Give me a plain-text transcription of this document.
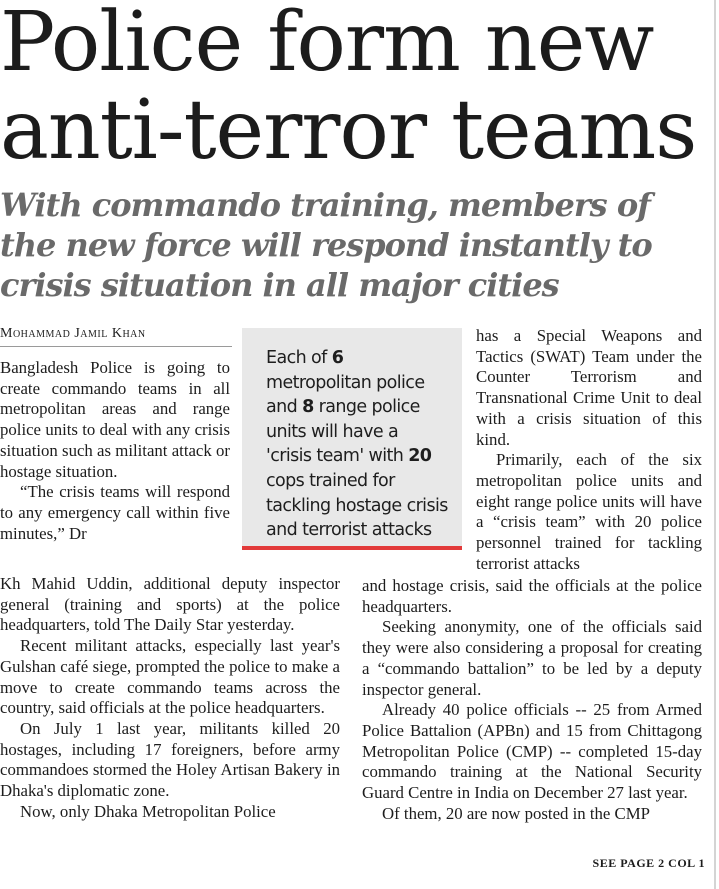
Police form new
anti-terror teams
With commando training, members of
the new force will respond instantly to
crisis situation in all major cities
Mohammad Jamil Khan

Bangladesh Police is going to create commando teams in all metropolitan areas and range police units to deal with any crisis situation such as militant attack or hostage situation.

“The crisis teams will respond to any emergency call within five minutes,” Dr

Kh Mahid Uddin, additional deputy inspector general (training and sports) at the police headquarters, told The Daily Star yesterday.

Recent militant attacks, especially last year's Gulshan café siege, prompted the police to make a move to create commando teams across the country, said officials at the police headquarters.

On July 1 last year, militants killed 20 hostages, including 17 foreigners, before army commandoes stormed the Holey Artisan Bakery in Dhaka's diplomatic zone.

Now, only Dhaka Metropolitan Police

Each of 6 metropolitan police and 8 range police units will have a 'crisis team' with 20 cops trained for tackling hostage crisis and terrorist attacks

has a Special Weapons and Tactics (SWAT) Team under the Counter Terrorism and Transnational Crime Unit to deal with a crisis situation of this kind.

Primarily, each of the six metropolitan police units and eight range police units will have a “crisis team” with 20 police personnel trained for tackling terrorist attacks

and hostage crisis, said the officials at the police headquarters.

Seeking anonymity, one of the officials said they were also considering a proposal for creating a “commando battalion” to be led by a deputy inspector general.

Already 40 police officials -- 25 from Armed Police Battalion (APBn) and 15 from Chittagong Metropolitan Police (CMP) -- completed 15-day commando training at the National Security Guard Centre in India on December 27 last year.

Of them, 20 are now posted in the CMP

SEE PAGE 2 COL 1
